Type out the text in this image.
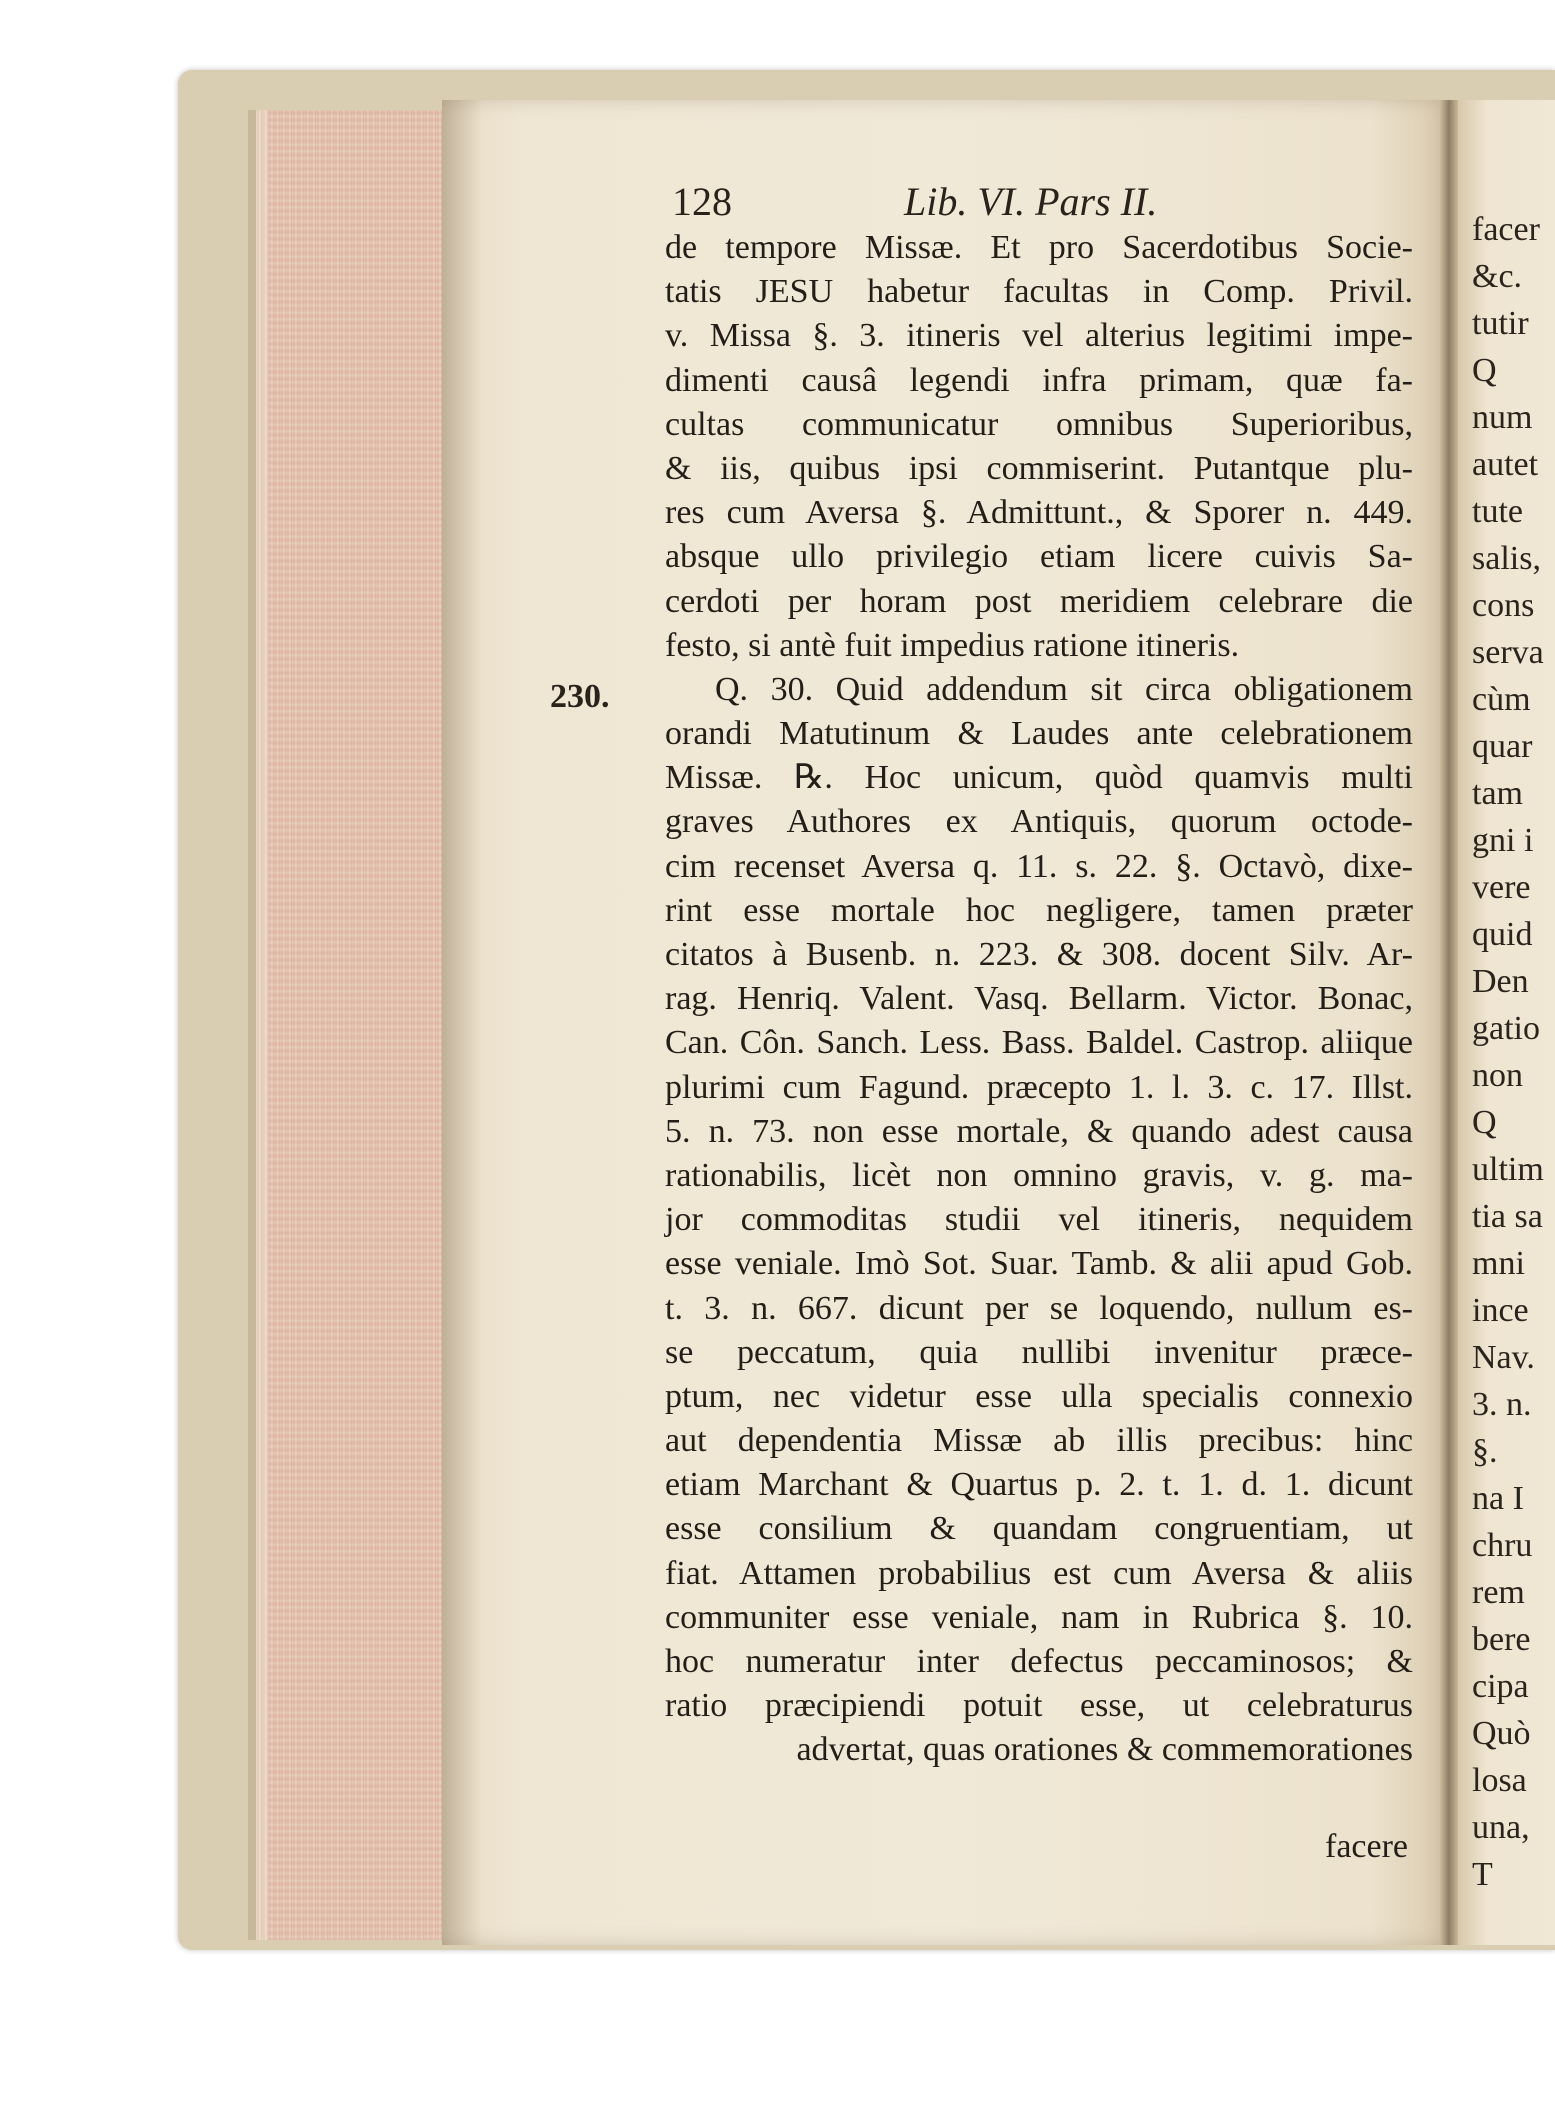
facer
&c.
tutir
Q
num
autet
tute
salis,
cons
serva
cùm
quar
tam
gni i
vere
quid
Den
gatio
non
Q
ultim
tia sa
mni
ince
Nav.
3. n.
§.
na I
chru
rem
bere
cipa
Quò
losa
una,
T
128	Lib. VI. Pars II.
230.
de tempore Missæ. Et pro Sacerdotibus Socie-
tatis JESU habetur facultas in Comp. Privil.
v. Missa §. 3. itineris vel alterius legitimi impe-
dimenti causâ legendi infra primam, quæ fa-
cultas communicatur omnibus Superioribus,
& iis, quibus ipsi commiserint. Putantque plu-
res cum Aversa §. Admittunt., & Sporer n. 449.
absque ullo privilegio etiam licere cuivis Sa-
cerdoti per horam post meridiem celebrare die
festo, si antè fuit impedius ratione itineris.
Q. 30. Quid addendum sit circa obligationem
orandi Matutinum & Laudes ante celebrationem
Missæ. ℞. Hoc unicum, quòd quamvis multi
graves Authores ex Antiquis, quorum octode-
cim recenset Aversa q. 11. s. 22. §. Octavò, dixe-
rint esse mortale hoc negligere, tamen præter
citatos à Busenb. n. 223. & 308. docent Silv. Ar-
rag. Henriq. Valent. Vasq. Bellarm. Victor. Bonac,
Can. Côn. Sanch. Less. Bass. Baldel. Castrop. aliique
plurimi cum Fagund. præcepto 1. l. 3. c. 17. Illst.
5. n. 73. non esse mortale, & quando adest causa
rationabilis, licèt non omnino gravis, v. g. ma-
jor commoditas studii vel itineris, nequidem
esse veniale. Imò Sot. Suar. Tamb. & alii apud Gob.
t. 3. n. 667. dicunt per se loquendo, nullum es-
se peccatum, quia nullibi invenitur præce-
ptum, nec videtur esse ulla specialis connexio
aut dependentia Missæ ab illis precibus: hinc
etiam Marchant & Quartus p. 2. t. 1. d. 1. dicunt
esse consilium & quandam congruentiam, ut
fiat. Attamen probabilius est cum Aversa & aliis
communiter esse veniale, nam in Rubrica §. 10.
hoc numeratur inter defectus peccaminosos; &
ratio præcipiendi potuit esse, ut celebraturus
advertat, quas orationes & commemorationes
facere
